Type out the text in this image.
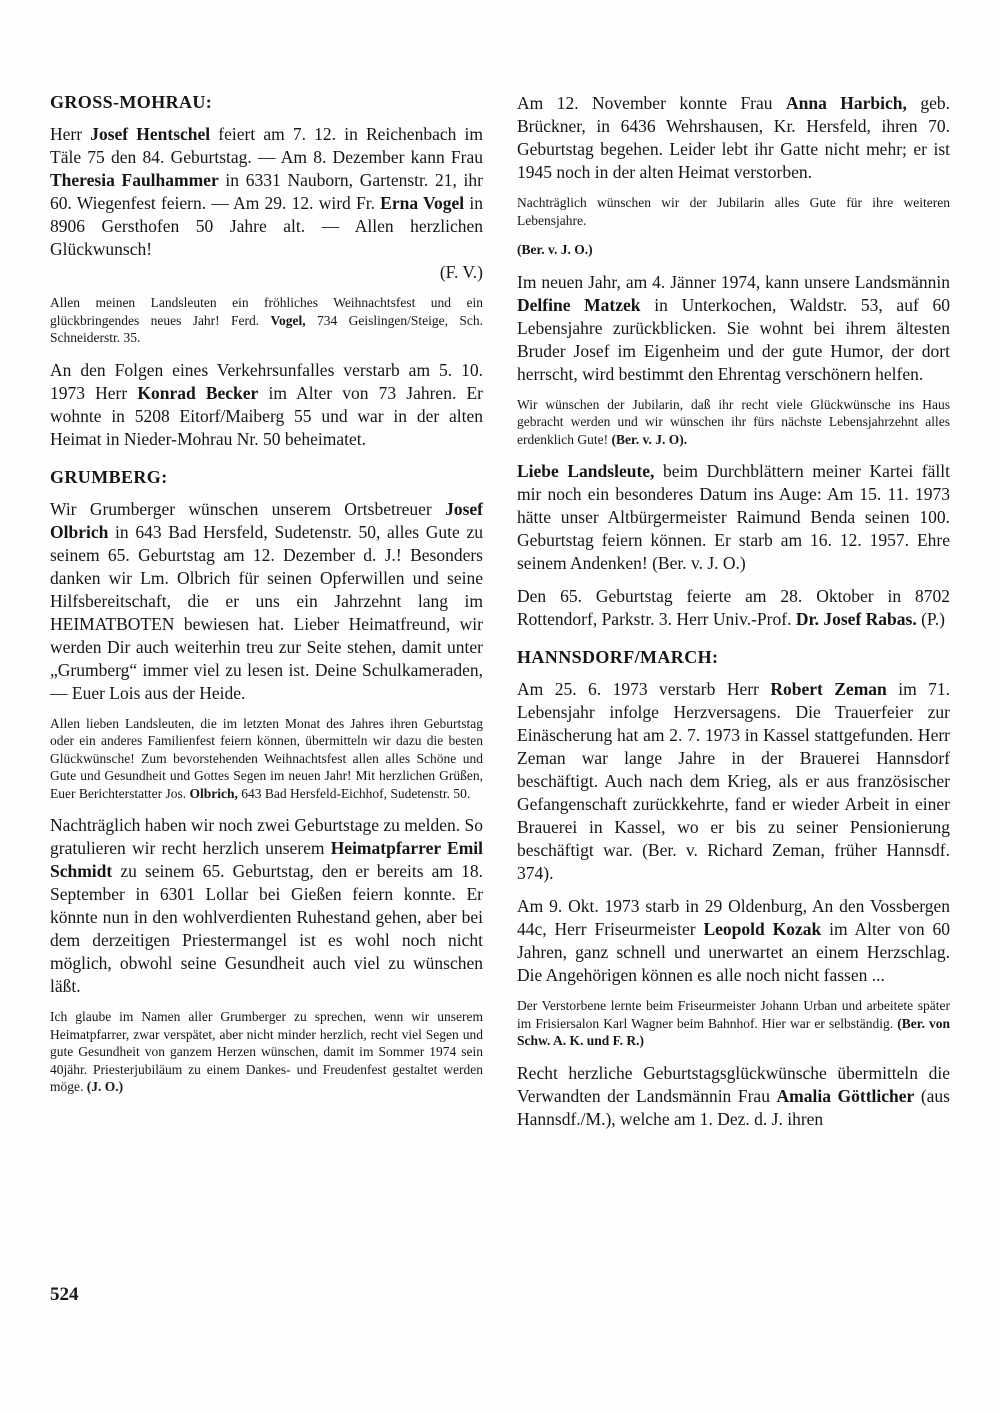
GROSS-MOHRAU:

Herr Josef Hentschel feiert am 7. 12. in Reichenbach im Täle 75 den 84. Geburtstag. — Am 8. Dezember kann Frau Theresia Faulhammer in 6331 Nauborn, Gartenstr. 21, ihr 60. Wiegenfest feiern. — Am 29. 12. wird Fr. Erna Vogel in 8906 Gersthofen 50 Jahre alt. — Allen herzlichen Glückwunsch!

(F. V.)

Allen meinen Landsleuten ein fröhliches Weihnachtsfest und ein glückbringendes neues Jahr! Ferd. Vogel, 734 Geislingen/Steige, Sch. Schneiderstr. 35.

An den Folgen eines Verkehrsunfalles verstarb am 5. 10. 1973 Herr Konrad Becker im Alter von 73 Jahren. Er wohnte in 5208 Eitorf/Maiberg 55 und war in der alten Heimat in Nieder-Mohrau Nr. 50 beheimatet.

GRUMBERG:

Wir Grumberger wünschen unserem Ortsbetreuer Josef Olbrich in 643 Bad Hersfeld, Sudetenstr. 50, alles Gute zu seinem 65. Geburtstag am 12. Dezember d. J.! Besonders danken wir Lm. Olbrich für seinen Opferwillen und seine Hilfsbereitschaft, die er uns ein Jahrzehnt lang im HEIMATBOTEN bewiesen hat. Lieber Heimatfreund, wir werden Dir auch weiterhin treu zur Seite stehen, damit unter „Grumberg“ immer viel zu lesen ist. Deine Schulkameraden, — Euer Lois aus der Heide.

Allen lieben Landsleuten, die im letzten Monat des Jahres ihren Geburtstag oder ein anderes Familienfest feiern können, übermitteln wir dazu die besten Glückwünsche! Zum bevorstehenden Weihnachtsfest allen alles Schöne und Gute und Gesundheit und Gottes Segen im neuen Jahr! Mit herzlichen Grüßen, Euer Berichterstatter Jos. Olbrich, 643 Bad Hersfeld-Eichhof, Sudetenstr. 50.

Nachträglich haben wir noch zwei Geburtstage zu melden. So gratulieren wir recht herzlich unserem Heimatpfarrer Emil Schmidt zu seinem 65. Geburtstag, den er bereits am 18. September in 6301 Lollar bei Gießen feiern konnte. Er könnte nun in den wohlverdienten Ruhestand gehen, aber bei dem derzeitigen Priestermangel ist es wohl noch nicht möglich, obwohl seine Gesundheit auch viel zu wünschen läßt.

Ich glaube im Namen aller Grumberger zu sprechen, wenn wir unserem Heimatpfarrer, zwar verspätet, aber nicht minder herzlich, recht viel Segen und gute Gesundheit von ganzem Herzen wünschen, damit im Sommer 1974 sein 40jähr. Priesterjubiläum zu einem Dankes- und Freudenfest gestaltet werden möge. (J. O.)

Am 12. November konnte Frau Anna Harbich, geb. Brückner, in 6436 Wehrshausen, Kr. Hersfeld, ihren 70. Geburtstag begehen. Leider lebt ihr Gatte nicht mehr; er ist 1945 noch in der alten Heimat verstorben.

Nachträglich wünschen wir der Jubilarin alles Gute für ihre weiteren Lebensjahre.

(Ber. v. J. O.)

Im neuen Jahr, am 4. Jänner 1974, kann unsere Landsmännin Delfine Matzek in Unterkochen, Waldstr. 53, auf 60 Lebensjahre zurückblicken. Sie wohnt bei ihrem ältesten Bruder Josef im Eigenheim und der gute Humor, der dort herrscht, wird bestimmt den Ehrentag verschönern helfen.

Wir wünschen der Jubilarin, daß ihr recht viele Glückwünsche ins Haus gebracht werden und wir wünschen ihr fürs nächste Lebensjahrzehnt alles erdenklich Gute! (Ber. v. J. O).

Liebe Landsleute, beim Durchblättern meiner Kartei fällt mir noch ein besonderes Datum ins Auge: Am 15. 11. 1973 hätte unser Altbürgermeister Raimund Benda seinen 100. Geburtstag feiern können. Er starb am 16. 12. 1957. Ehre seinem Andenken! (Ber. v. J. O.)

Den 65. Geburtstag feierte am 28. Oktober in 8702 Rottendorf, Parkstr. 3. Herr Univ.-Prof. Dr. Josef Rabas. (P.)

HANNSDORF/MARCH:

Am 25. 6. 1973 verstarb Herr Robert Zeman im 71. Lebensjahr infolge Herzversagens. Die Trauerfeier zur Einäscherung hat am 2. 7. 1973 in Kassel stattgefunden. Herr Zeman war lange Jahre in der Brauerei Hannsdorf beschäftigt. Auch nach dem Krieg, als er aus französischer Gefangenschaft zurückkehrte, fand er wieder Arbeit in einer Brauerei in Kassel, wo er bis zu seiner Pensionierung beschäftigt war. (Ber. v. Richard Zeman, früher Hannsdf. 374).

Am 9. Okt. 1973 starb in 29 Oldenburg, An den Vossbergen 44c, Herr Friseurmeister Leopold Kozak im Alter von 60 Jahren, ganz schnell und unerwartet an einem Herzschlag. Die Angehörigen können es alle noch nicht fassen ...

Der Verstorbene lernte beim Friseurmeister Johann Urban und arbeitete später im Frisiersalon Karl Wagner beim Bahnhof. Hier war er selbständig. (Ber. von Schw. A. K. und F. R.)

Recht herzliche Geburtstagsglückwünsche übermitteln die Verwandten der Landsmännin Frau Amalia Göttlicher (aus Hannsdf./M.), welche am 1. Dez. d. J. ihren

524
